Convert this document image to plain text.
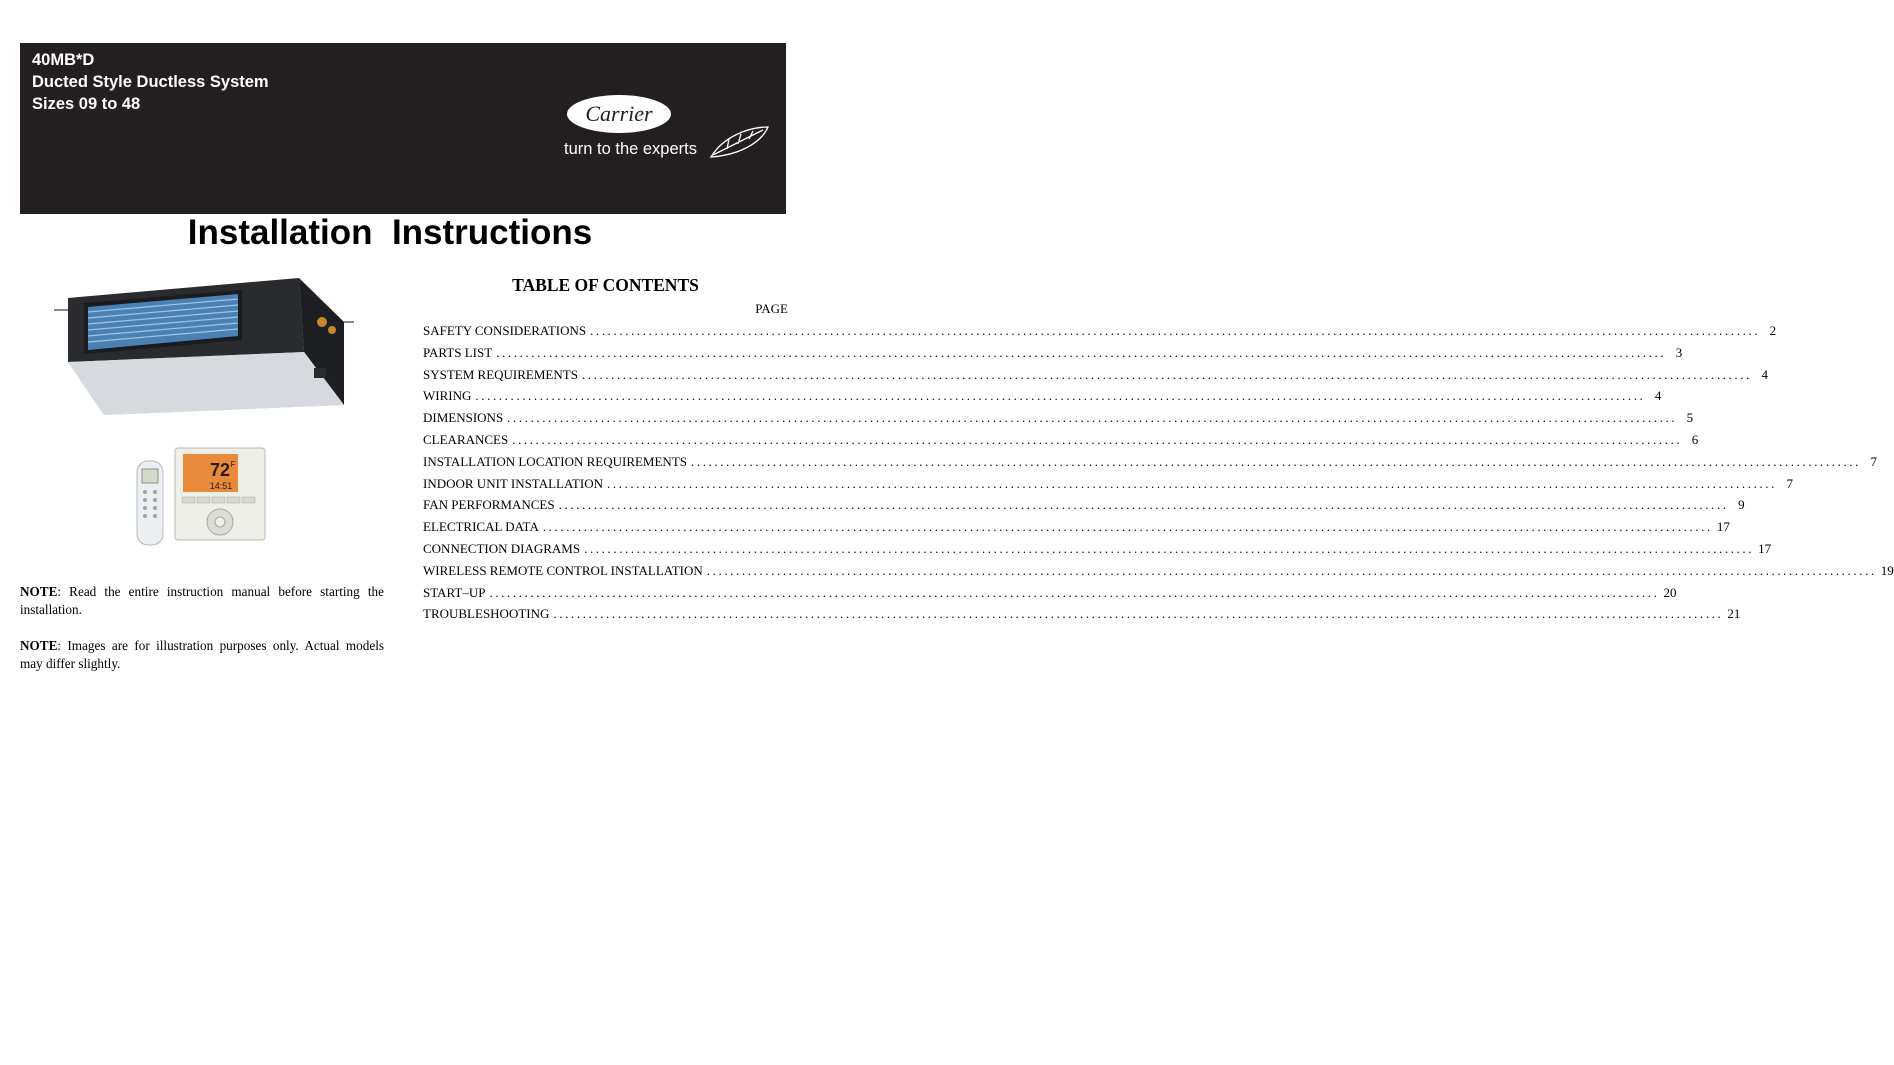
40MB*D
Ducted Style Ductless System
Sizes 09 to 48	Carrier
turn to the experts
Installation  Instructions
72 F
14:51

NOTE: Read the entire instruction manual before starting the installation.

NOTE: Images are for illustration purposes only. Actual models may differ slightly.

TABLE OF CONTENTS
PAGE
SAFETY CONSIDERATIONS ........................................................................................................................................................................................................ 2
PARTS LIST ........................................................................................................................................................................................................ 3
SYSTEM REQUIREMENTS ........................................................................................................................................................................................................ 4
WIRING ........................................................................................................................................................................................................ 4
DIMENSIONS ........................................................................................................................................................................................................ 5
CLEARANCES ........................................................................................................................................................................................................ 6
INSTALLATION LOCATION REQUIREMENTS ........................................................................................................................................................................................................ 7
INDOOR UNIT INSTALLATION ........................................................................................................................................................................................................ 7
FAN PERFORMANCES ........................................................................................................................................................................................................ 9
ELECTRICAL DATA ........................................................................................................................................................................................................ 17
CONNECTION DIAGRAMS ........................................................................................................................................................................................................ 17
WIRELESS REMOTE CONTROL INSTALLATION ........................................................................................................................................................................................................ 19
START–UP ........................................................................................................................................................................................................ 20
TROUBLESHOOTING ........................................................................................................................................................................................................ 21
